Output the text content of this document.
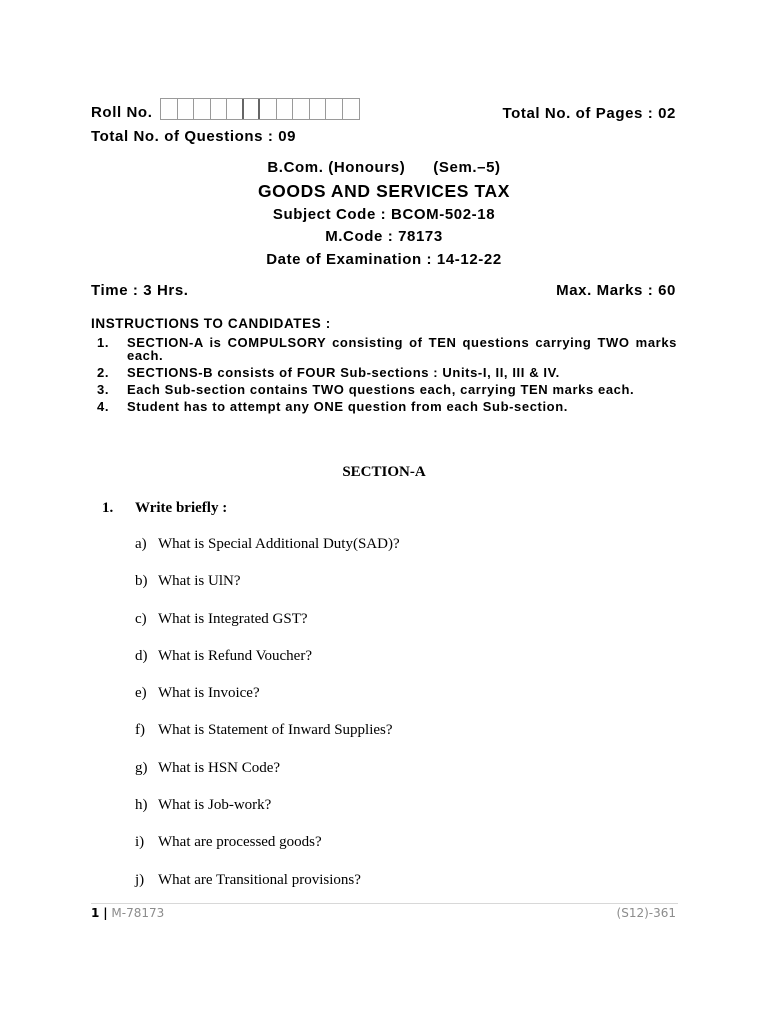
Roll No.	Total No. of Pages : 02
Total No. of Questions : 09
B.Com. (Honours) (Sem.–5)
GOODS AND SERVICES TAX
Subject Code : BCOM-502-18
M.Code : 78173
Date of Examination : 14-12-22
Time : 3 Hrs.	Max. Marks : 60
INSTRUCTIONS TO CANDIDATES :
1.	SECTION-A is COMPULSORY consisting of TEN questions carrying TWO marks each.
2.	SECTIONS-B consists of FOUR Sub-sections : Units-I, II, III & IV.
3.	Each Sub-section contains TWO questions each, carrying TEN marks each.
4.	Student has to attempt any ONE question from each Sub-section.
SECTION-A
1. Write briefly :
a) What is Special Additional Duty(SAD)?
b) What is UlN?
c) What is Integrated GST?
d) What is Refund Voucher?
e) What is Invoice?
f) What is Statement of Inward Supplies?
g) What is HSN Code?
h) What is Job-work?
i) What are processed goods?
j) What are Transitional provisions?
1 | M-78173	(S12)-361
